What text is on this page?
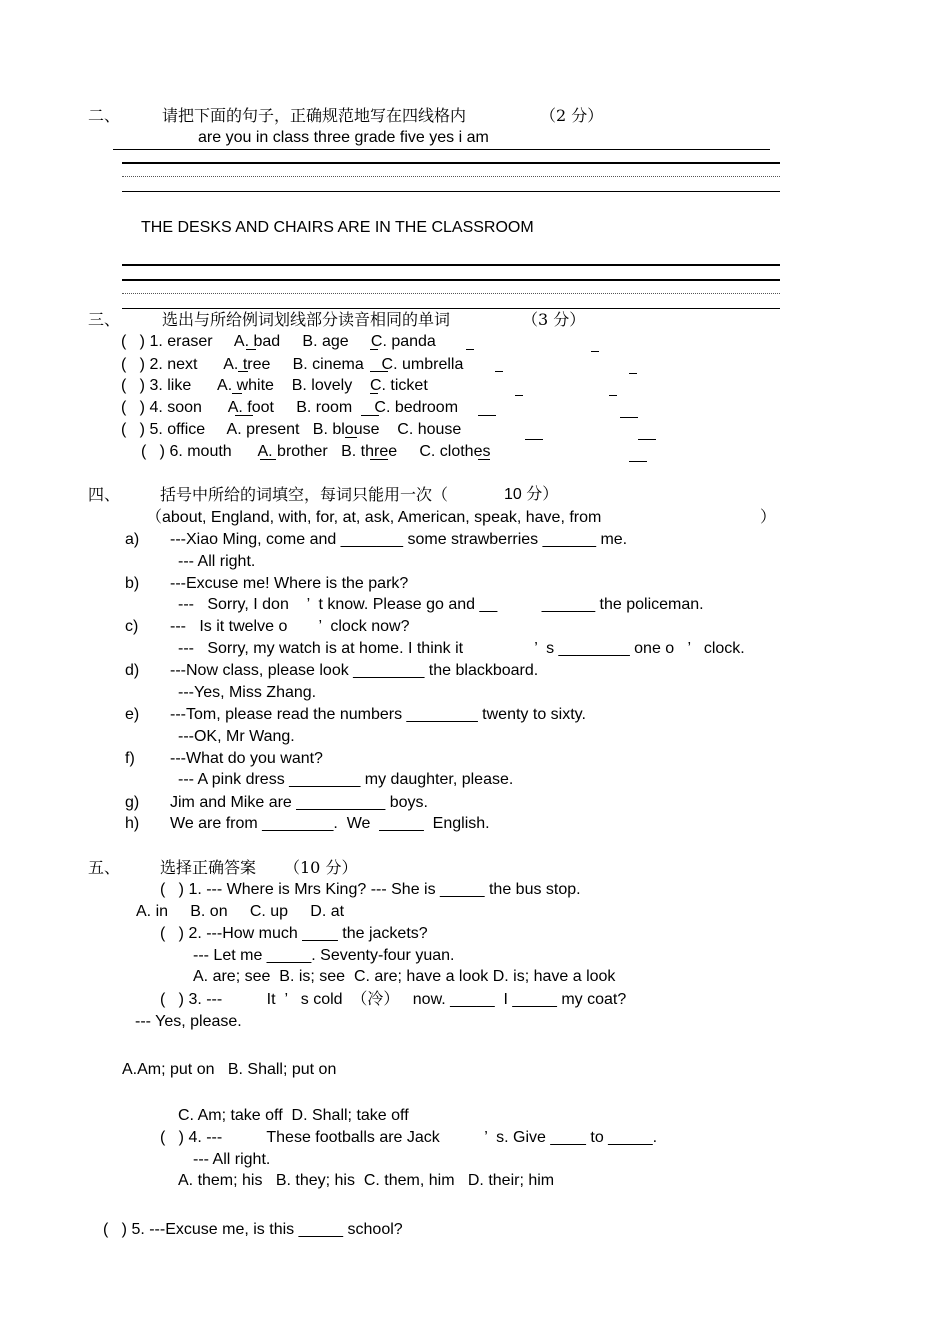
二、	请把下面的句子，正确规范地写在四线格内	（2 分）
are you in class three grade five yes i am
THE DESKS AND CHAIRS ARE IN THE CLASSROOM
三、	选出与所给例词划线部分读音相同的单词	（3 分）
(   ) 1. eraser     A. bad     B. age     C. panda
(   ) 2. next      A. tree     B. cinema    C. umbrella
(   ) 3. like      A. white    B. lovely    C. ticket
(   ) 4. soon      A. foot     B. room     C. bedroom
(   ) 5. office     A. present   B. blouse    C. house
(   ) 6. mouth      A. brother   B. three     C. clothes
四、 括号中所给的词填空，每词只能用一次（	10 分）
（about, England, with, for, at, ask, American, speak, have, from	）
a) ---Xiao Ming, come and _______ some strawberries ______ me.
--- All right.
b) ---Excuse me! Where is the park?
---   Sorry, I don    ’  t know. Please go and __          ______ the policeman.
c) ---   Is it twelve o       ’  clock now?
---   Sorry, my watch is at home. I think it                ’  s ________ one o   ’   clock.
d) ---Now class, please look ________ the blackboard.
---Yes, Miss Zhang.
e) ---Tom, please read the numbers ________ twenty to sixty.
---OK, Mr Wang.
f) ---What do you want?
--- A pink dress ________ my daughter, please.
g) Jim and Mike are __________ boys.
h) We are from ________.  We  _____  English.
五、 选择正确答案 （10 分）
(   ) 1. --- Where is Mrs King? --- She is _____ the bus stop.
A. in     B. on     C. up     D. at
(   ) 2. ---How much ____ the jackets?
--- Let me _____. Seventy-four yuan.
A. are; see  B. is; see  C. are; have a look D. is; have a look
(   ) 3. ---          It  ’   s cold  （冷）   now. _____  I _____ my coat?
--- Yes, please.
A.Am; put on   B. Shall; put on
C. Am; take off  D. Shall; take off
(   ) 4. ---          These footballs are Jack          ’  s. Give ____ to _____.
--- All right.
A. them; his   B. they; his  C. them, him   D. their; him
(   ) 5. ---Excuse me, is this _____ school?
